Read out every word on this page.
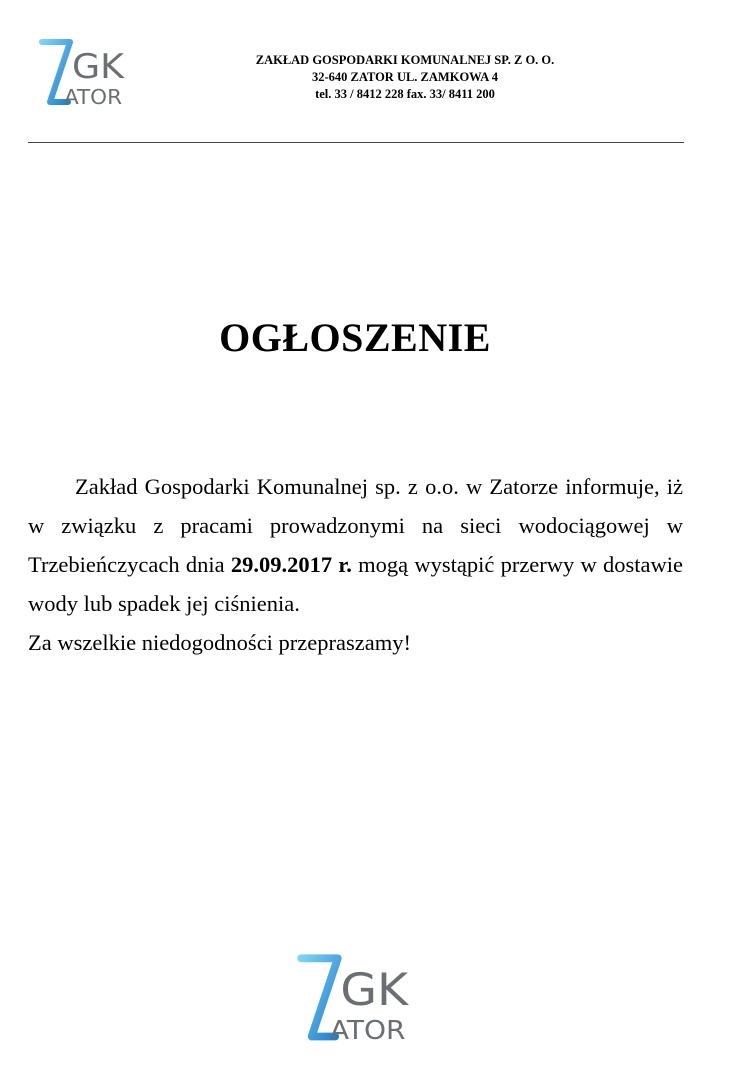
GK
ATOR
ZAKŁAD GOSPODARKI KOMUNALNEJ SP. Z O. O.
32-640 ZATOR UL. ZAMKOWA 4
tel. 33 / 8412 228 fax. 33/ 8411 200
OGŁOSZENIE

Zakład Gospodarki Komunalnej sp. z o.o. w Zatorze informuje, iż w związku z pracami prowadzonymi na sieci wodociągowej w Trzebieńczycach dnia 29.09.2017 r. mogą wystąpić przerwy w dostawie wody lub spadek jej ciśnienia.

Za wszelkie niedogodności przepraszamy!

GK
ATOR
